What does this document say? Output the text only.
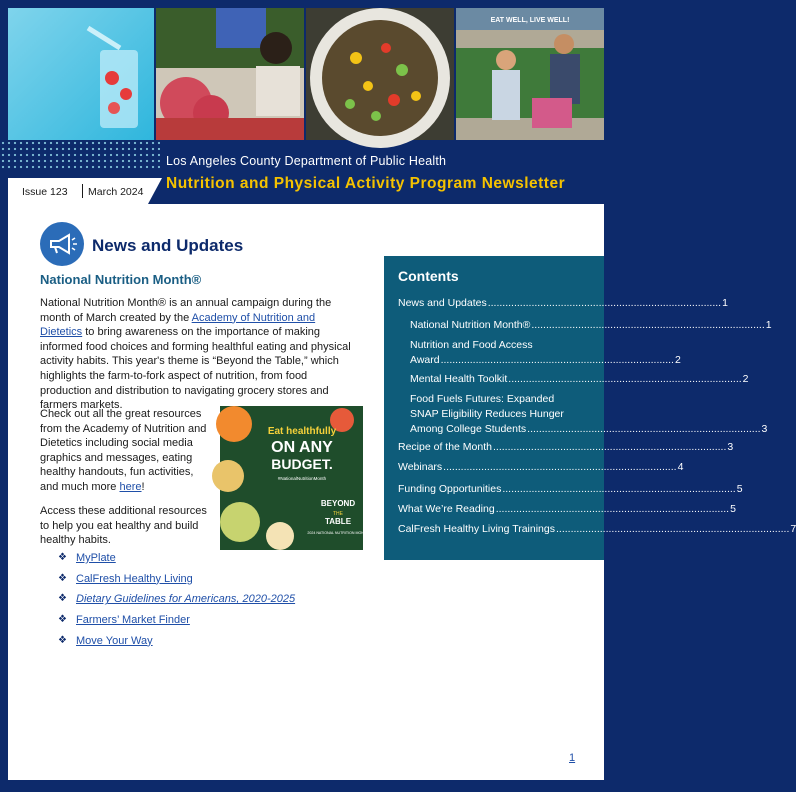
EAT WELL, LIVE WELL!
Los Angeles County Department of Public Health
Nutrition and Physical Activity Program Newsletter
Issue 123 March 2024
News and Updates
National Nutrition Month®
National Nutrition Month® is an annual campaign during the month of March created by the Academy of Nutrition and Dietetics to bring awareness on the importance of making informed food choices and forming healthful eating and physical activity habits. This year's theme is “Beyond the Table,” which highlights the farm-to-fork aspect of nutrition, from food production and distribution to navigating grocery stores and farmers markets.
Check out all the great resources from the Academy of Nutrition and Dietetics including social media graphics and messages, eating healthy handouts, fun activities, and much more here!
Access these additional resources to help you eat healthy and build healthy habits.
Eat healthfully
ON ANY
BUDGET.
#NationalNutritionMonth
BEYOND
THE
TABLE
2024 NATIONAL NUTRITION MONTH
❖ MyPlate
❖ CalFresh Healthy Living
❖ Dietary Guidelines for Americans, 2020-2025
❖ Farmers’ Market Finder
❖ Move Your Way
Contents
News and Updates ................................................................................ 1
National Nutrition Month® ................................................................................ 1
Nutrition and Food Access
Award ................................................................................ 2
Mental Health Toolkit ................................................................................ 2
Food Fuels Futures: Expanded
SNAP Eligibility Reduces Hunger
Among College Students ................................................................................ 3
Recipe of the Month ................................................................................ 3
Webinars ................................................................................ 4
Funding Opportunities ................................................................................ 5
What We’re Reading ................................................................................ 5
CalFresh Healthy Living Trainings ................................................................................ 7
1
